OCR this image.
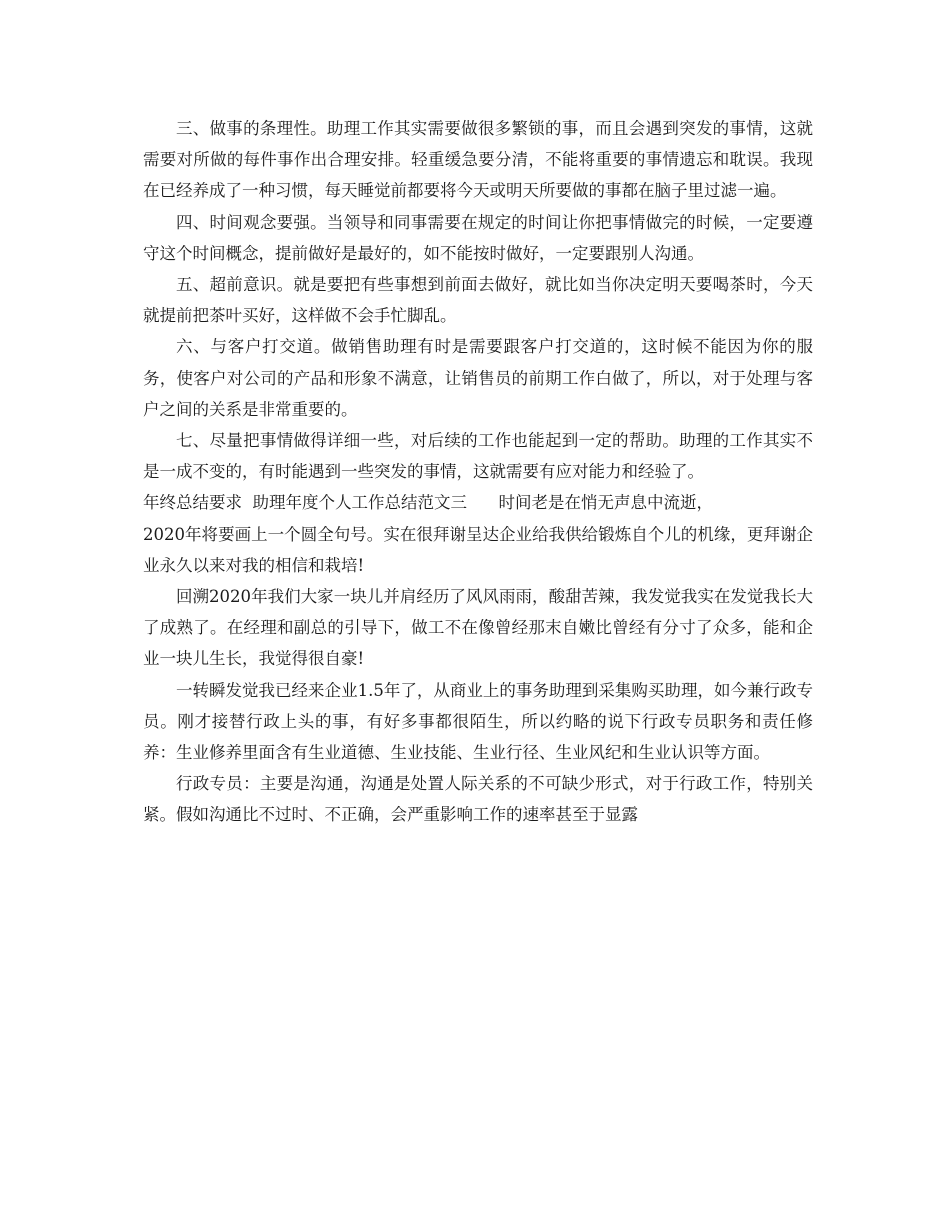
三、做事的条理性。助理工作其实需要做很多繁锁的事，而且会遇到突发的事情，这就需要对所做的每件事作出合理安排。轻重缓急要分清，不能将重要的事情遗忘和耽误。我现在已经养成了一种习惯，每天睡觉前都要将今天或明天所要做的事都在脑子里过滤一遍。

四、时间观念要强。当领导和同事需要在规定的时间让你把事情做完的时候，一定要遵守这个时间概念，提前做好是最好的，如不能按时做好，一定要跟别人沟通。

五、超前意识。就是要把有些事想到前面去做好，就比如当你决定明天要喝茶时，今天就提前把茶叶买好，这样做不会手忙脚乱。

六、与客户打交道。做销售助理有时是需要跟客户打交道的，这时候不能因为你的服务，使客户对公司的产品和形象不满意，让销售员的前期工作白做了，所以，对于处理与客户之间的关系是非常重要的。

七、尽量把事情做得详细一些，对后续的工作也能起到一定的帮助。助理的工作其实不是一成不变的，有时能遇到一些突发的事情，这就需要有应对能力和经验了。

年终总结要求  助理年度个人工作总结范文三      时间老是在悄无声息中流逝，

2020年将要画上一个圆全句号。实在很拜谢呈达企业给我供给锻炼自个儿的机缘，更拜谢企业永久以来对我的相信和栽培!

回溯2020年我们大家一块儿并肩经历了风风雨雨，酸甜苦辣，我发觉我实在发觉我长大了成熟了。在经理和副总的引导下，做工不在像曾经那末自嫩比曾经有分寸了众多，能和企业一块儿生长，我觉得很自豪!

一转瞬发觉我已经来企业1.5年了，从商业上的事务助理到采集购买助理，如今兼行政专员。刚才接替行政上头的事，有好多事都很陌生，所以约略的说下行政专员职务和责任修养：生业修养里面含有生业道德、生业技能、生业行径、生业风纪和生业认识等方面。

行政专员：主要是沟通，沟通是处置人际关系的不可缺少形式，对于行政工作，特别关紧。假如沟通比不过时、不正确，会严重影响工作的速率甚至于显露
